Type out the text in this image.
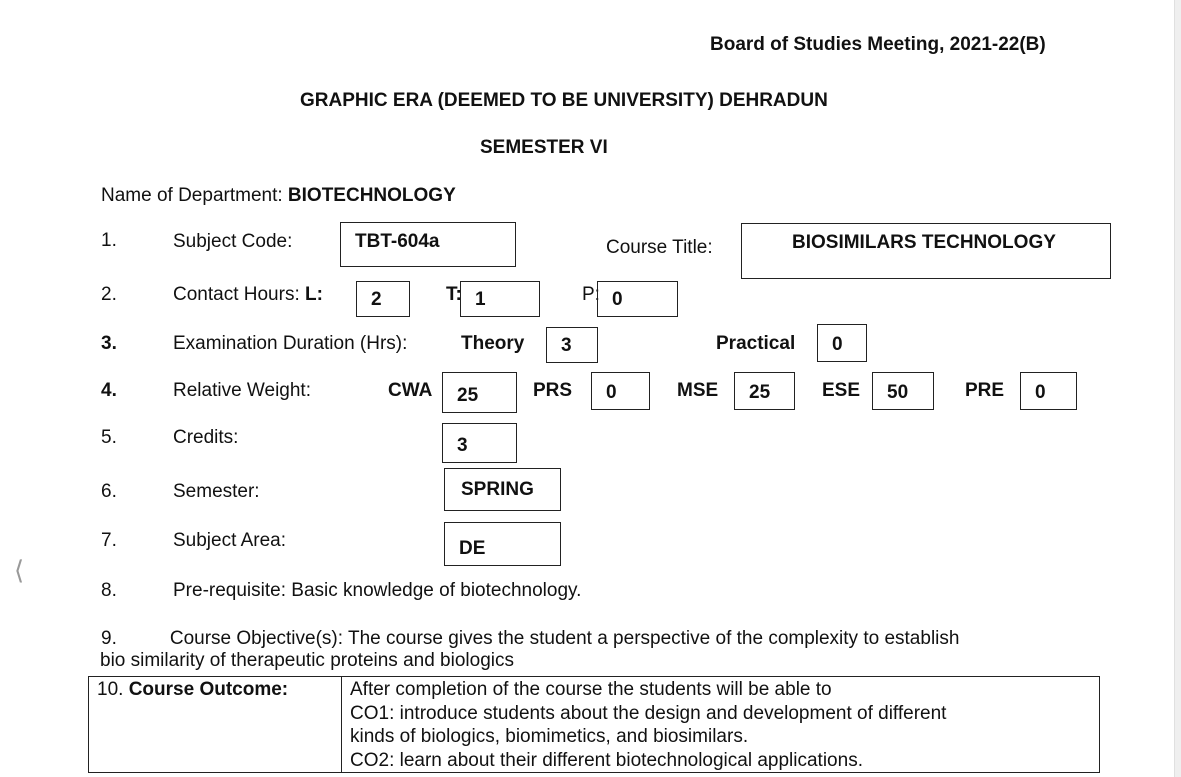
⟨
Board of Studies Meeting, 2021-22(B)
GRAPHIC ERA (DEEMED TO BE UNIVERSITY) DEHRADUN
SEMESTER VI
Name of Department: BIOTECHNOLOGY
1.	Subject Code:	TBT-604a	Course Title:	BIOSIMILARS TECHNOLOGY
2.	Contact Hours: L:	2	T: 1	P: 0
3.	Examination Duration (Hrs):	Theory	3	Practical	0
4.	Relative Weight:	CWA	25	PRS	0	MSE	25	ESE	50	PRE	0
5.	Credits:	3
6.	Semester:	SPRING
7.	Subject Area:	DE
8.	Pre-requisite: Basic knowledge of biotechnology.
9.	Course Objective(s): The course gives the student a perspective of the complexity to establish
bio similarity of therapeutic proteins and biologics
10. Course Outcome:	After completion of the course the students will be able to
CO1: introduce students about the design and development of different
kinds of biologics, biomimetics, and biosimilars.
CO2: learn about their different biotechnological applications.
